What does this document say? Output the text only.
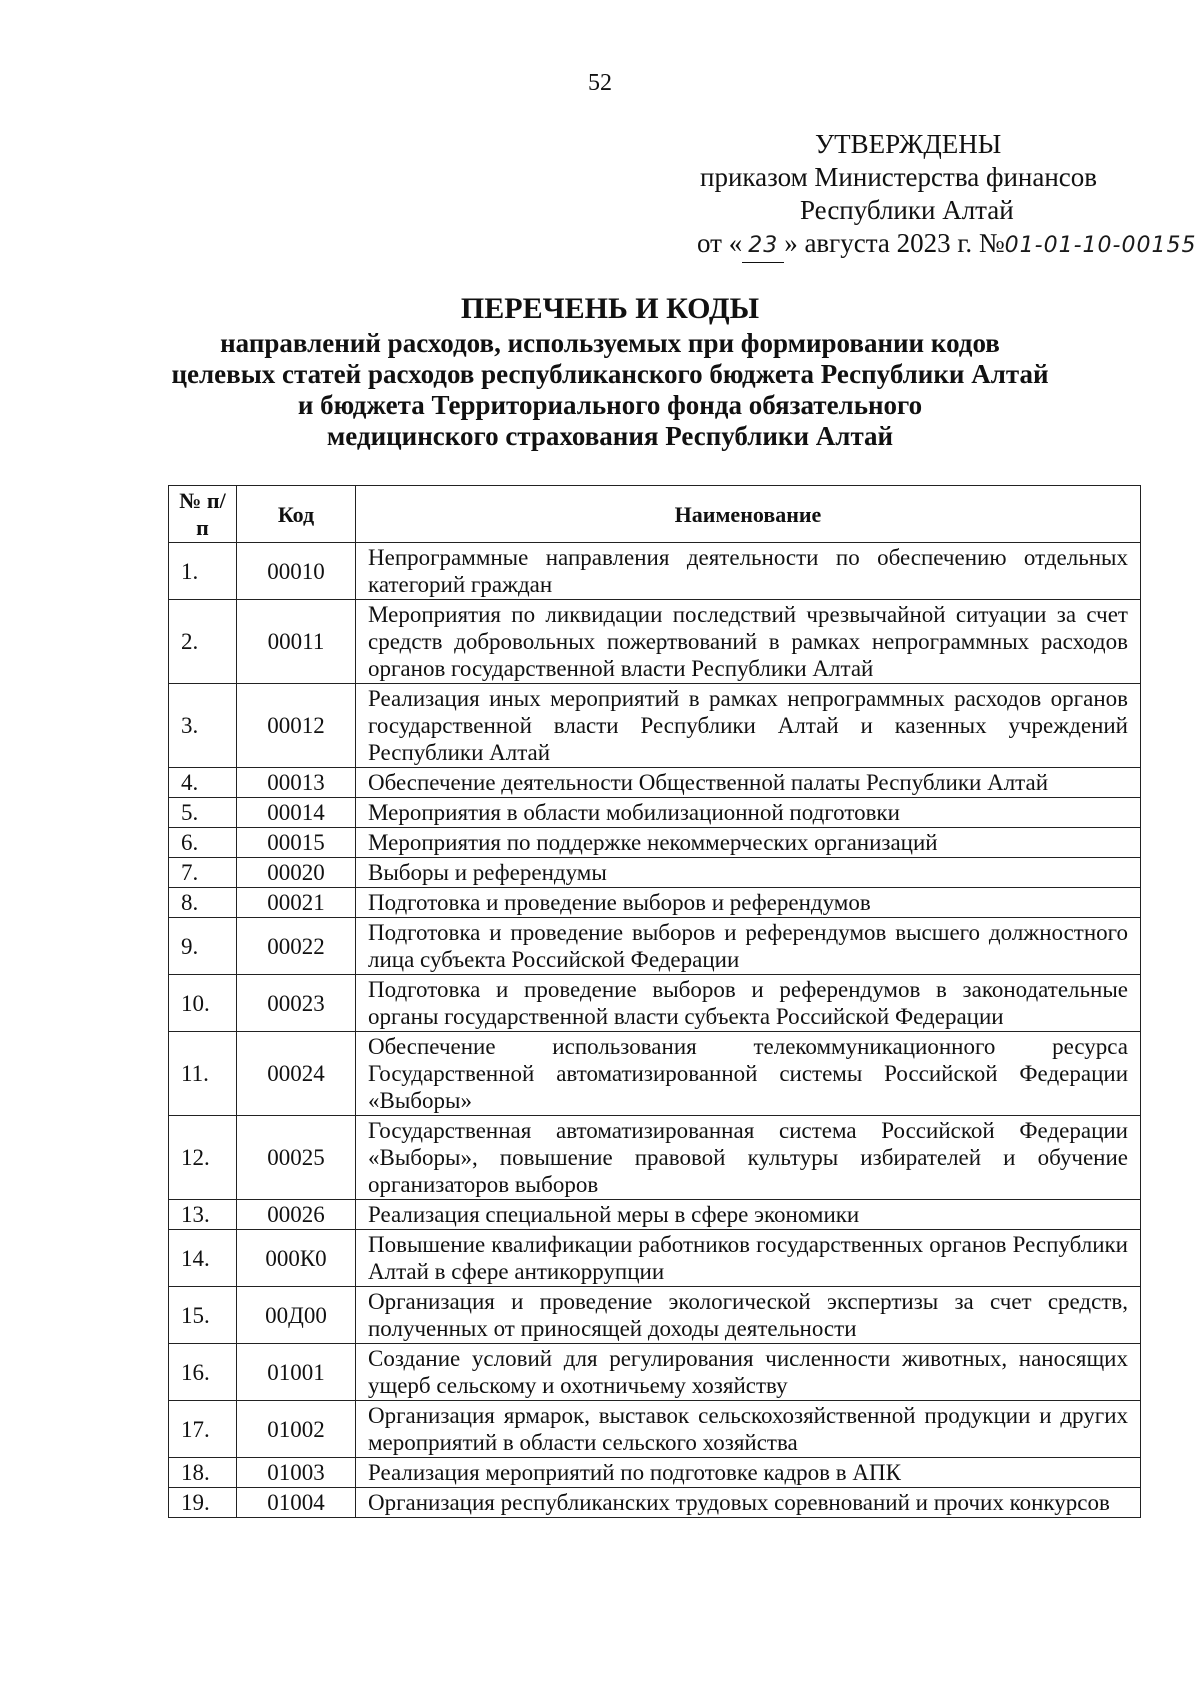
52
УТВЕРЖДЕНЫ
приказом Министерства финансов
Республики Алтай
от « 23 » августа 2023 г. №01-01-10-00155
ПЕРЕЧЕНЬ И КОДЫ
направлений расходов, используемых при формировании кодов
целевых статей расходов республиканского бюджета Республики Алтай
и бюджета Территориального фонда обязательного
медицинского страхования Республики Алтай
№ п/п	Код	Наименование
1.	00010	Непрограммные направления деятельности по обеспечению отдельных категорий граждан
2.	00011	Мероприятия по ликвидации последствий чрезвычайной ситуации за счет средств добровольных пожертвований в рамках непрограммных расходов органов государственной власти Республики Алтай
3.	00012	Реализация иных мероприятий в рамках непрограммных расходов органов государственной власти Республики Алтай и казенных учреждений Республики Алтай
4.	00013	Обеспечение деятельности Общественной палаты Республики Алтай
5.	00014	Мероприятия в области мобилизационной подготовки
6.	00015	Мероприятия по поддержке некоммерческих организаций
7.	00020	Выборы и референдумы
8.	00021	Подготовка и проведение выборов и референдумов
9.	00022	Подготовка и проведение выборов и референдумов высшего должностного лица субъекта Российской Федерации
10.	00023	Подготовка и проведение выборов и референдумов в законодательные органы государственной власти субъекта Российской Федерации
11.	00024	Обеспечение использования телекоммуникационного ресурса Государственной автоматизированной системы Российской Федерации «Выборы»
12.	00025	Государственная автоматизированная система Российской Федерации «Выборы», повышение правовой культуры избирателей и обучение организаторов выборов
13.	00026	Реализация специальной меры в сфере экономики
14.	000К0	Повышение квалификации работников государственных органов Республики Алтай в сфере антикоррупции
15.	00Д00	Организация и проведение экологической экспертизы за счет средств, полученных от приносящей доходы деятельности
16.	01001	Создание условий для регулирования численности животных, наносящих ущерб сельскому и охотничьему хозяйству
17.	01002	Организация ярмарок, выставок сельскохозяйственной продукции и других мероприятий в области сельского хозяйства
18.	01003	Реализация мероприятий по подготовке кадров в АПК
19.	01004	Организация республиканских трудовых соревнований и прочих конкурсов
